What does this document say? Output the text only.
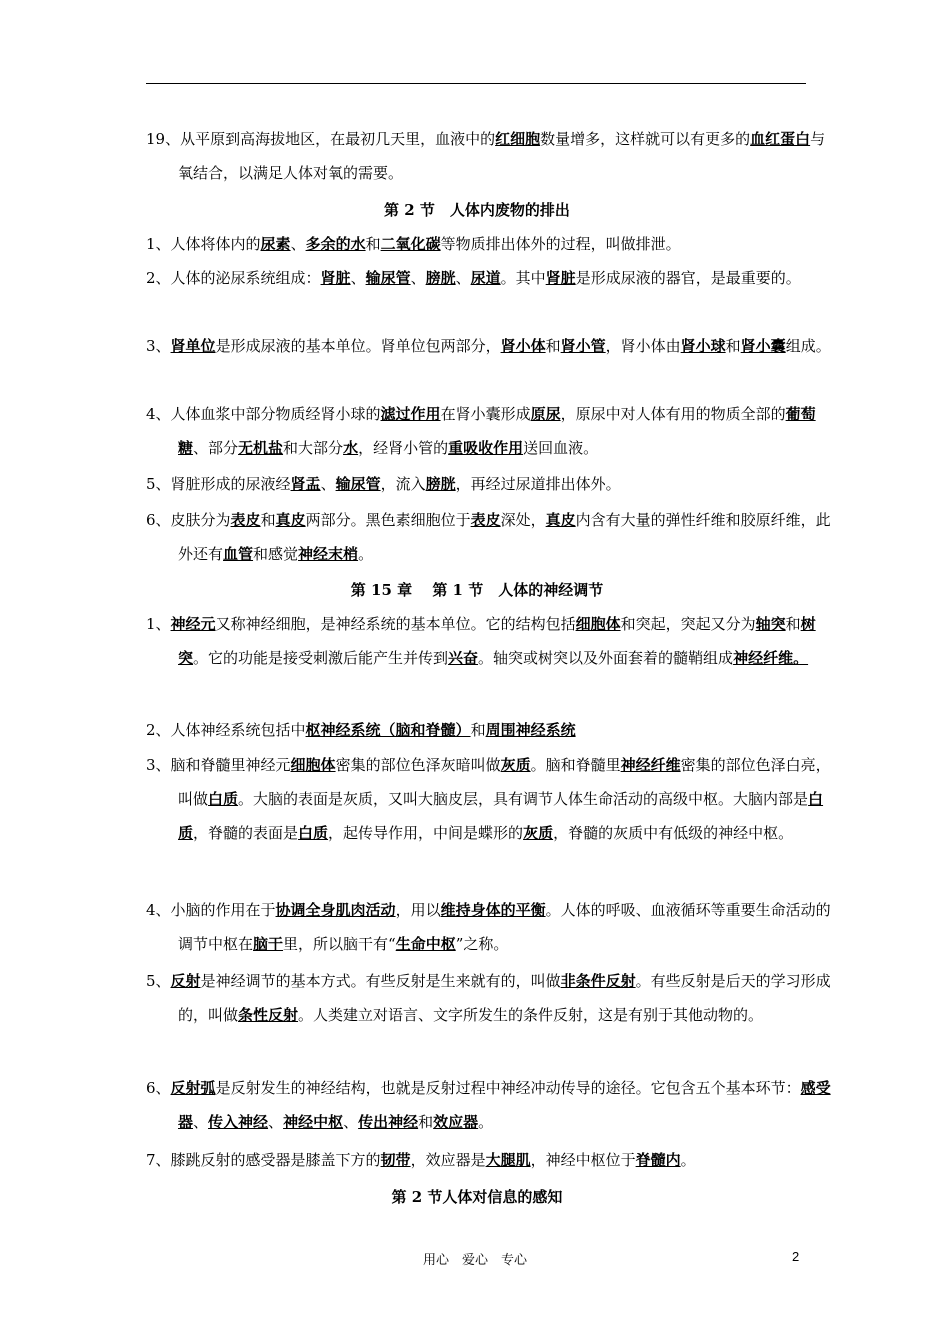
19、从平原到高海拔地区，在最初几天里，血液中的红细胞数量增多，这样就可以有更多的血红蛋白与氧结合，以满足人体对氧的需要。
第 2 节　人体内废物的排出
1、人体将体内的尿素、多余的水和二氧化碳等物质排出体外的过程，叫做排泄。
2、人体的泌尿系统组成：肾脏、输尿管、膀胱、尿道。其中肾脏是形成尿液的器官，是最重要的。
3、肾单位是形成尿液的基本单位。肾单位包两部分，肾小体和肾小管，肾小体由肾小球和肾小囊组成。
4、人体血浆中部分物质经肾小球的滤过作用在肾小囊形成原尿，原尿中对人体有用的物质全部的葡萄糖、部分无机盐和大部分水，经肾小管的重吸收作用送回血液。
5、肾脏形成的尿液经肾盂、输尿管，流入膀胱，再经过尿道排出体外。
6、皮肤分为表皮和真皮两部分。黑色素细胞位于表皮深处，真皮内含有大量的弹性纤维和胶原纤维，此外还有血管和感觉神经末梢。
第 15 章　 第 1 节　人体的神经调节
1、神经元又称神经细胞，是神经系统的基本单位。它的结构包括细胞体和突起，突起又分为轴突和树突。它的功能是接受刺激后能产生并传到兴奋。轴突或树突以及外面套着的髓鞘组成神经纤维。
2、人体神经系统包括中枢神经系统（脑和脊髓）和周围神经系统
3、脑和脊髓里神经元细胞体密集的部位色泽灰暗叫做灰质。脑和脊髓里神经纤维密集的部位色泽白亮，叫做白质。大脑的表面是灰质，又叫大脑皮层，具有调节人体生命活动的高级中枢。大脑内部是白质，脊髓的表面是白质，起传导作用，中间是蝶形的灰质，脊髓的灰质中有低级的神经中枢。
4、小脑的作用在于协调全身肌肉活动，用以维持身体的平衡。人体的呼吸、血液循环等重要生命活动的调节中枢在脑干里，所以脑干有“生命中枢”之称。
5、反射是神经调节的基本方式。有些反射是生来就有的，叫做非条件反射。有些反射是后天的学习形成的，叫做条性反射。人类建立对语言、文字所发生的条件反射，这是有别于其他动物的。
6、反射弧是反射发生的神经结构，也就是反射过程中神经冲动传导的途径。它包含五个基本环节：感受器、传入神经、神经中枢、传出神经和效应器。
7、膝跳反射的感受器是膝盖下方的韧带，效应器是大腿肌，神经中枢位于脊髓内。
第 2 节人体对信息的感知
用心　爱心　专心	2
